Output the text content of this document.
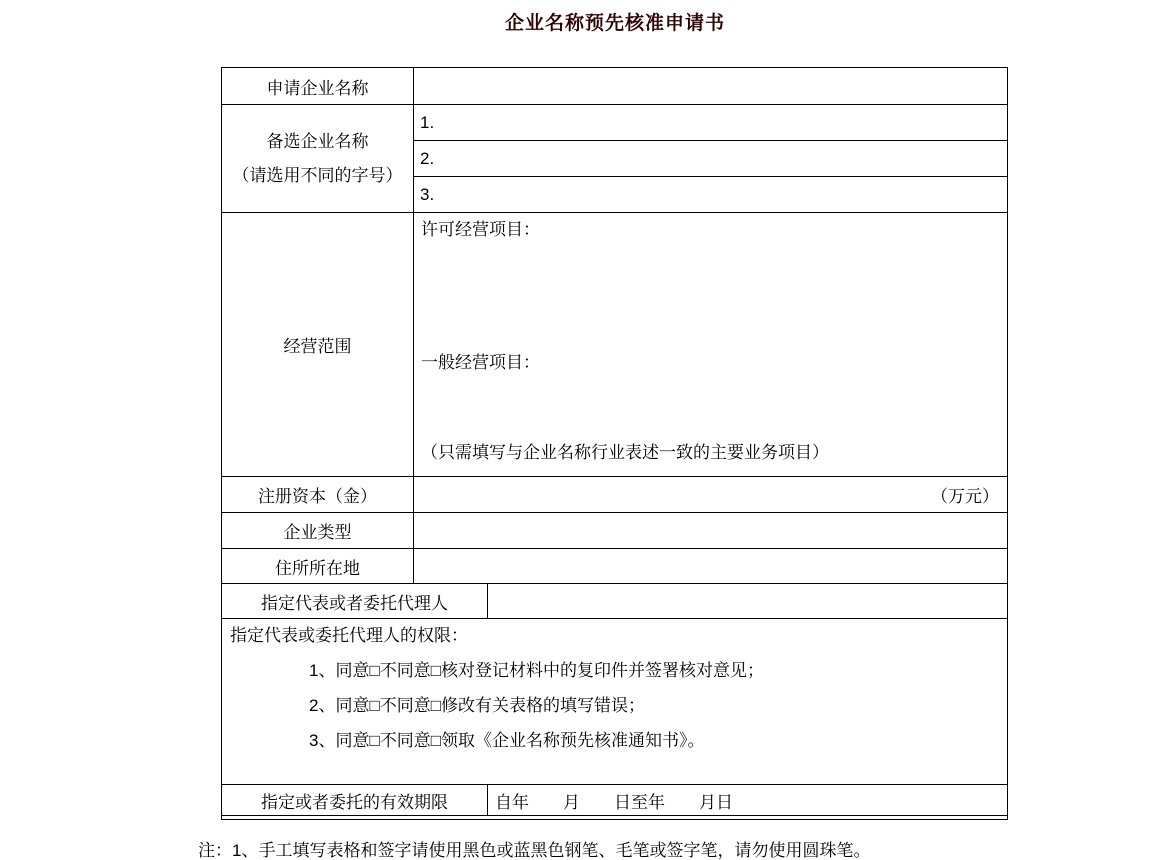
企业名称预先核准申请书
申请企业名称
备选企业名称
（请选用不同的字号）
1.
2.
3.
经营范围
许可经营项目：
一般经营项目：
（只需填写与企业名称行业表述一致的主要业务项目）
注册资本（金）	（万元）
企业类型
住所所在地
指定代表或者委托代理人
指定代表或委托代理人的权限：
1、同意□不同意□核对登记材料中的复印件并签署核对意见；
2、同意□不同意□修改有关表格的填写错误；
3、同意□不同意□领取《企业名称预先核准通知书》。
指定或者委托的有效期限	自年　　月　　日至年　　月日
注：1、手工填写表格和签字请使用黑色或蓝黑色钢笔、毛笔或签字笔，请勿使用圆珠笔。
